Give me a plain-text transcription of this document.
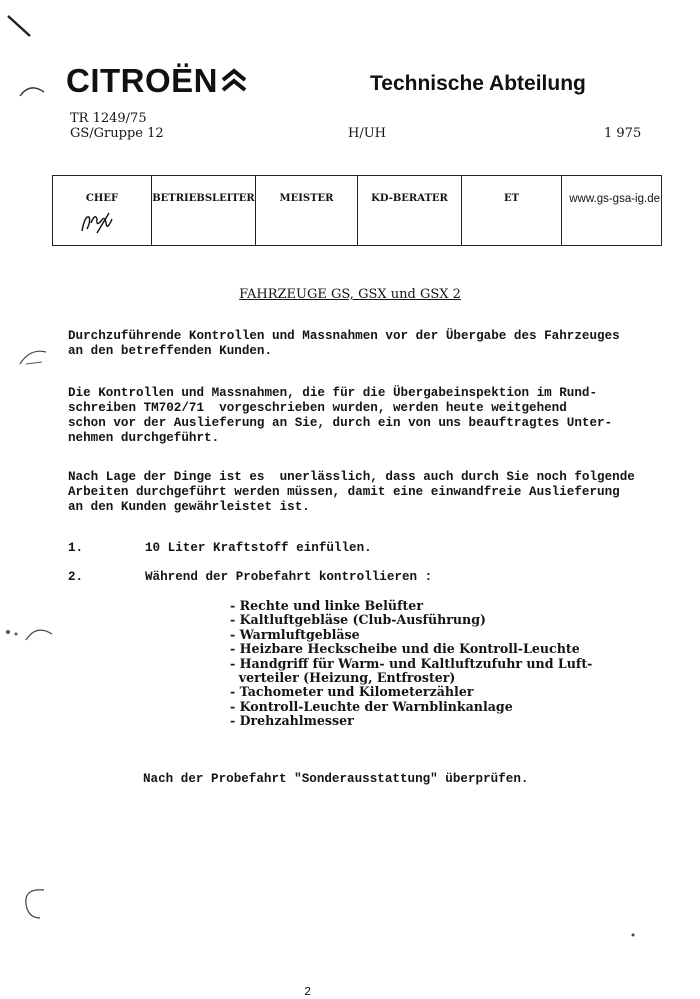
CITROËN	Technische Abteilung
TR 1249/75
GS/Gruppe 12	H/UH	1 975
CHEF	BETRIEBSLEITER	MEISTER	KD-BERATER	ET	www.gs-gsa-ig.de
FAHRZEUGE GS, GSX und GSX 2
Durchzuführende Kontrollen und Massnahmen vor der Übergabe des Fahrzeuges
an den betreffenden Kunden.
Die Kontrollen und Massnahmen, die für die Übergabeinspektion im Rund-
schreiben TM702/71  vorgeschrieben wurden, werden heute weitgehend
schon vor der Auslieferung an Sie, durch ein von uns beauftragtes Unter-
nehmen durchgeführt.
Nach Lage der Dinge ist es  unerlässlich, dass auch durch Sie noch folgende
Arbeiten durchgeführt werden müssen, damit eine einwandfreie Auslieferung
an den Kunden gewährleistet ist.
1.	10 Liter Kraftstoff einfüllen.
2.	Während der Probefahrt kontrollieren :
- Rechte und linke Belüfter
- Kaltluftgebläse (Club-Ausführung)
- Warmluftgebläse
- Heizbare Heckscheibe und die Kontroll-Leuchte
- Handgriff für Warm- und Kaltluftzufuhr und Luft-
verteiler (Heizung, Entfroster)
- Tachometer und Kilometerzähler
- Kontroll-Leuchte der Warnblinkanlage
- Drehzahlmesser
Nach der Probefahrt "Sonderausstattung" überprüfen.
2
